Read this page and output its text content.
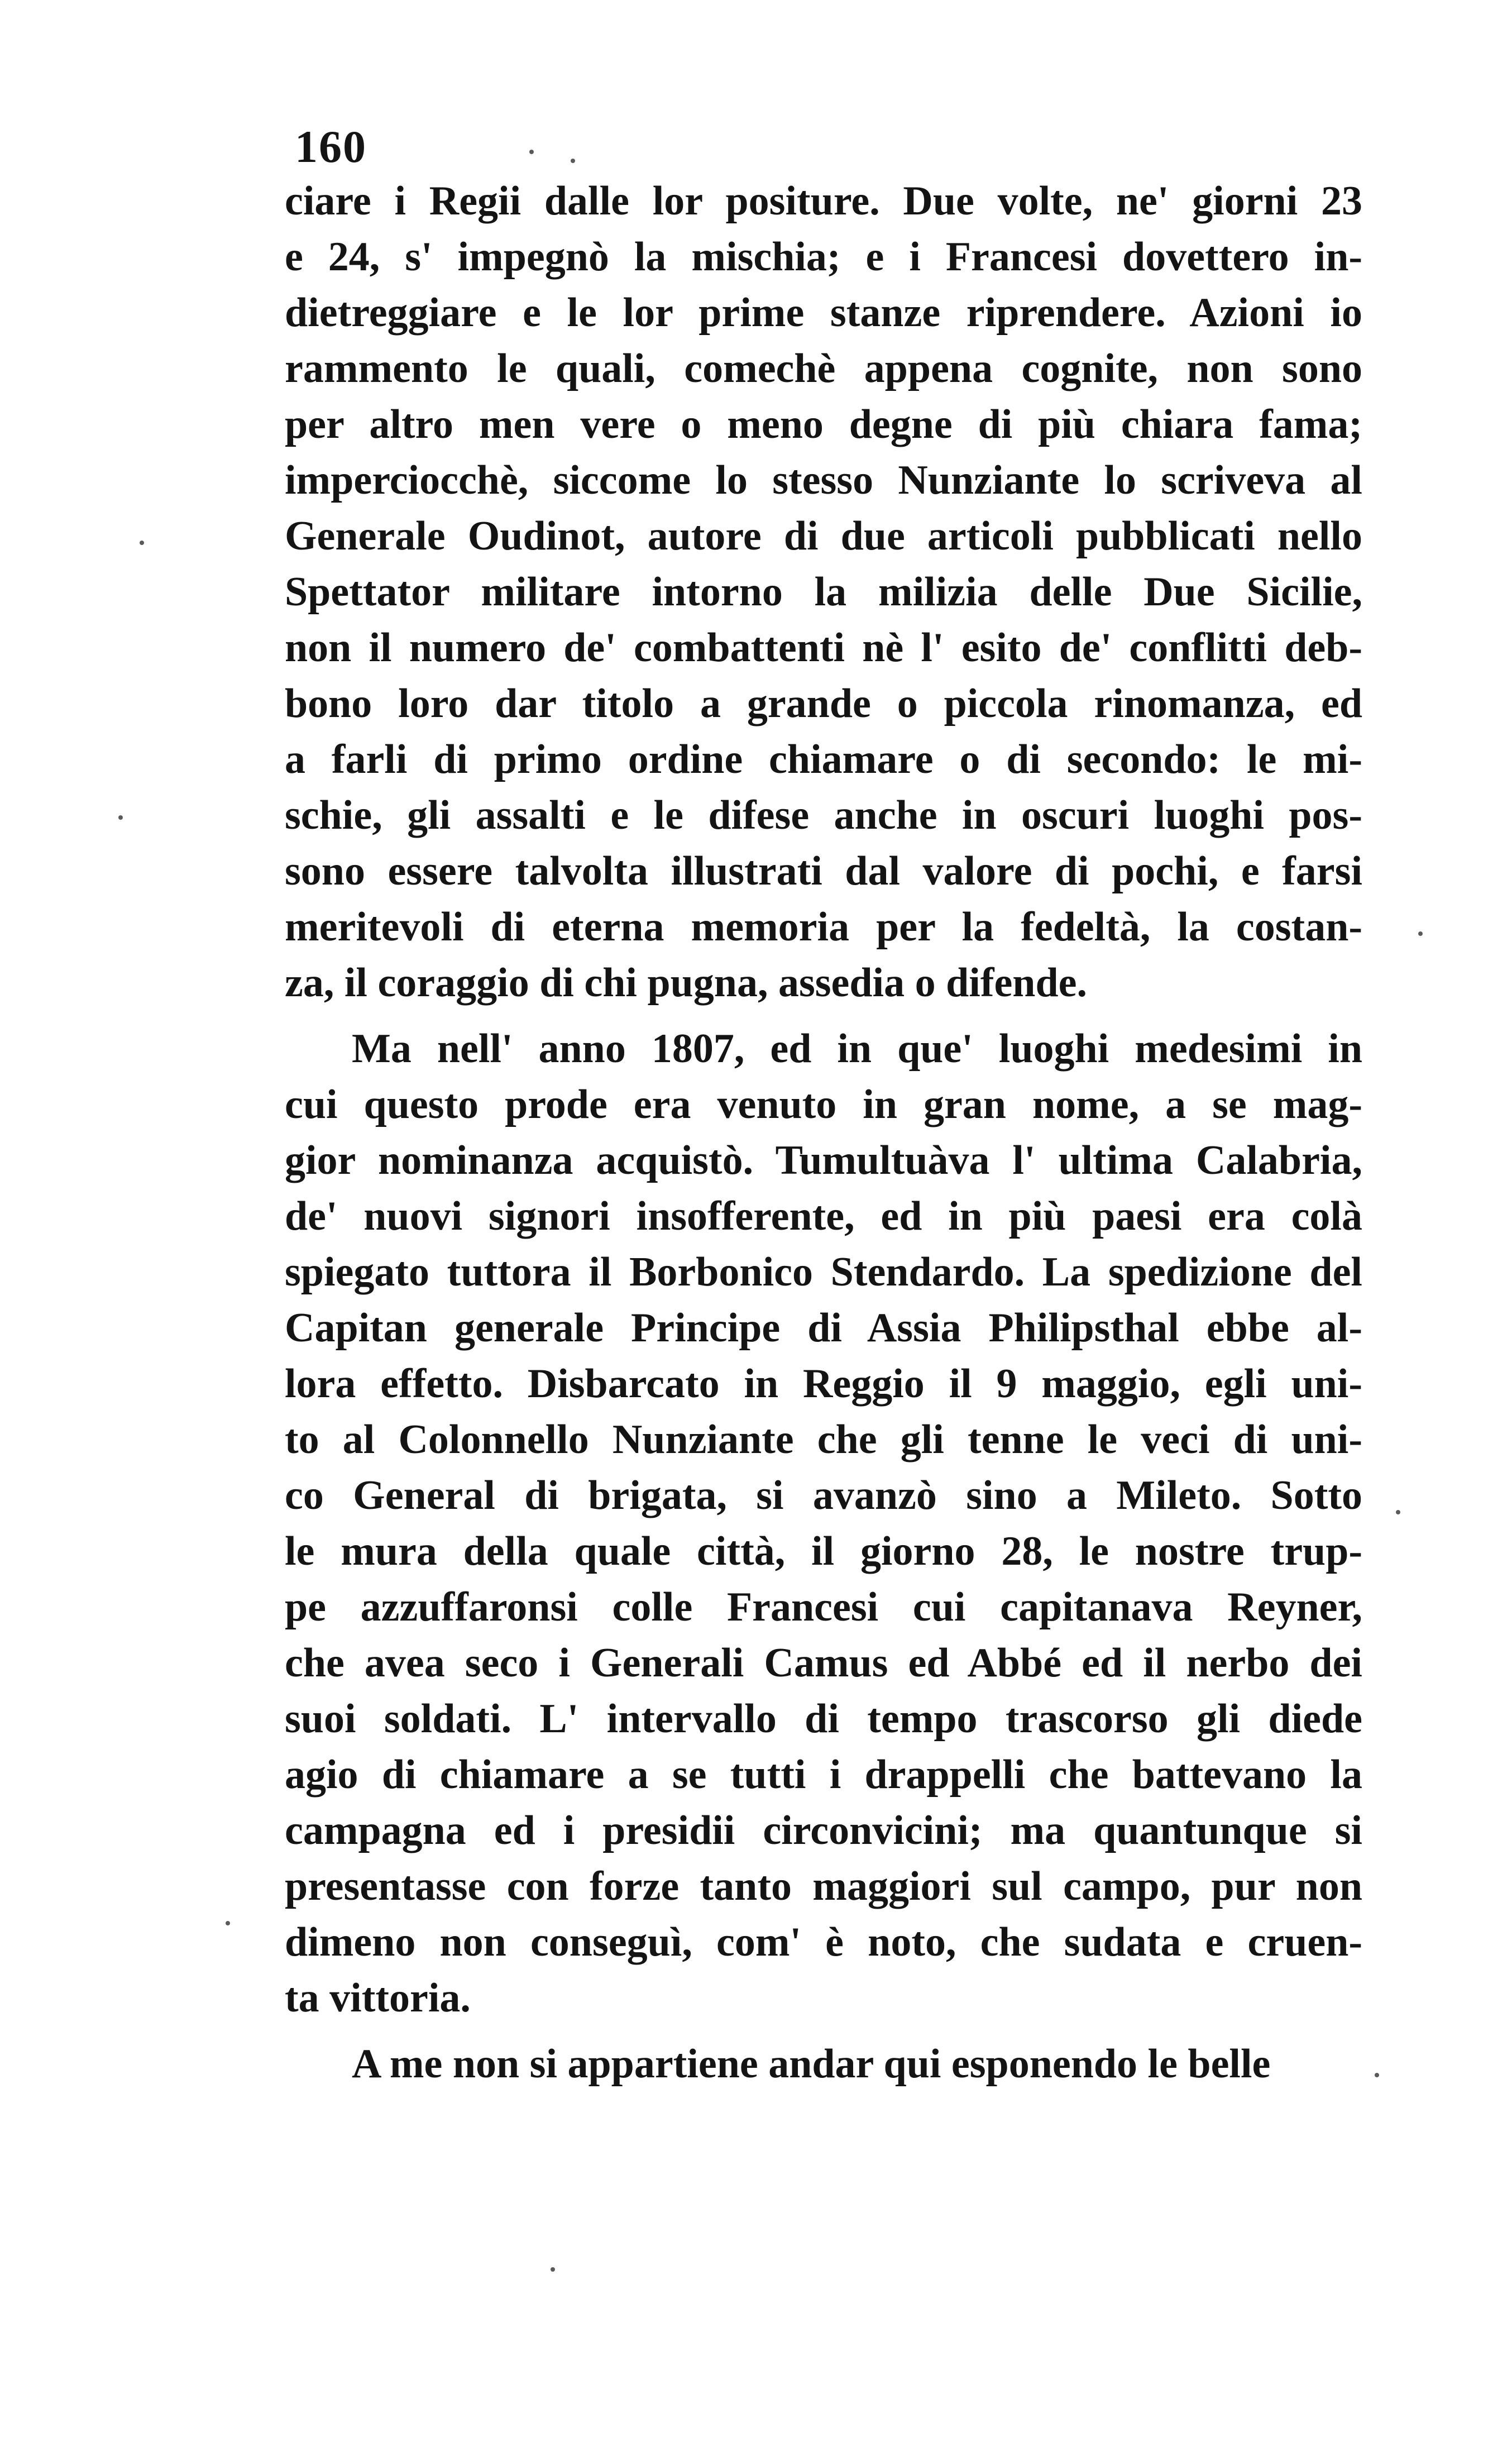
160
ciare i Regii dalle lor positure. Due volte, ne' giorni 23
e 24, s' impegnò la mischia; e i Francesi dovettero in-
dietreggiare e le lor prime stanze riprendere. Azioni io
rammento le quali, comechè appena cognite, non sono
per altro men vere o meno degne di più chiara fama;
imperciocchè, siccome lo stesso Nunziante lo scriveva al
Generale Oudinot, autore di due articoli pubblicati nello
Spettator militare intorno la milizia delle Due Sicilie,
non il numero de' combattenti nè l' esito de' conflitti deb-
bono loro dar titolo a grande o piccola rinomanza, ed
a farli di primo ordine chiamare o di secondo: le mi-
schie, gli assalti e le difese anche in oscuri luoghi pos-
sono essere talvolta illustrati dal valore di pochi, e farsi
meritevoli di eterna memoria per la fedeltà, la costan-
za, il coraggio di chi pugna, assedia o difende.
Ma nell' anno 1807, ed in que' luoghi medesimi in
cui questo prode era venuto in gran nome, a se mag-
gior nominanza acquistò. Tumultuàva l' ultima Calabria,
de' nuovi signori insofferente, ed in più paesi era colà
spiegato tuttora il Borbonico Stendardo. La spedizione del
Capitan generale Principe di Assia Philipsthal ebbe al-
lora effetto. Disbarcato in Reggio il 9 maggio, egli uni-
to al Colonnello Nunziante che gli tenne le veci di uni-
co General di brigata, si avanzò sino a Mileto. Sotto
le mura della quale città, il giorno 28, le nostre trup-
pe azzuffaronsi colle Francesi cui capitanava Reyner,
che avea seco i Generali Camus ed Abbé ed il nerbo dei
suoi soldati. L' intervallo di tempo trascorso gli diede
agio di chiamare a se tutti i drappelli che battevano la
campagna ed i presidii circonvicini; ma quantunque si
presentasse con forze tanto maggiori sul campo, pur non
dimeno non conseguì, com' è noto, che sudata e cruen-
ta vittoria.
A me non si appartiene andar qui esponendo le belle
